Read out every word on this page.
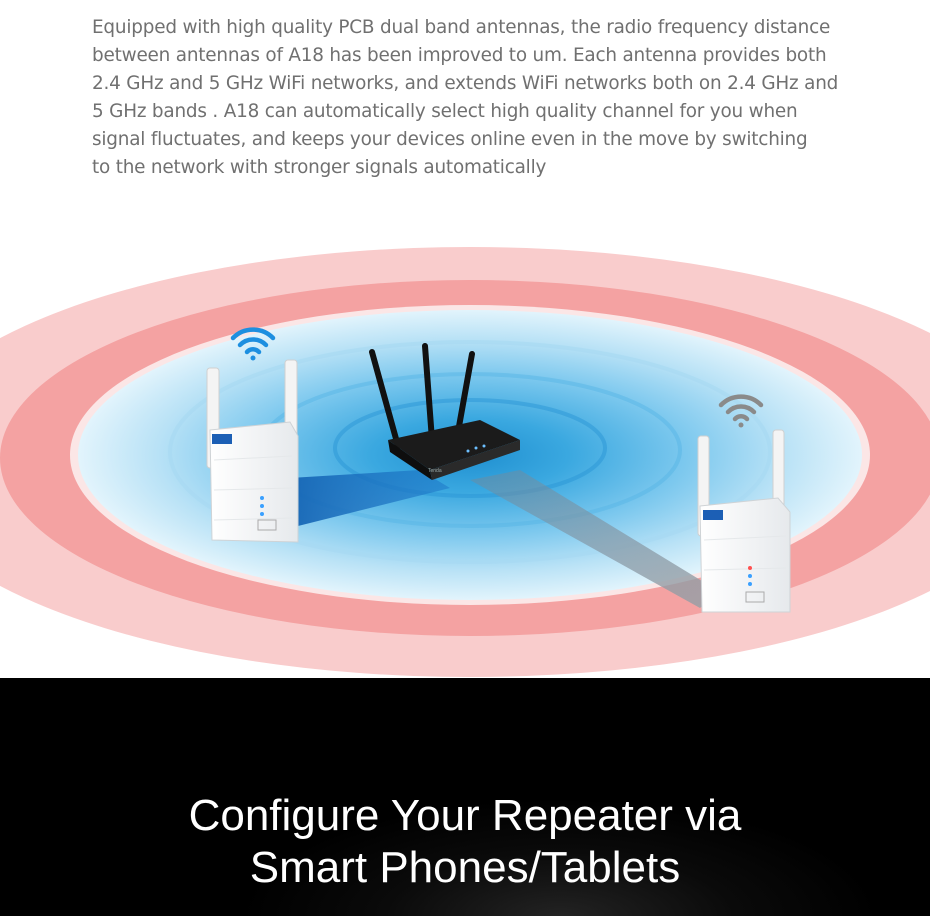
Tenda
Equipped with high quality PCB dual band antennas, the radio frequency distance
between antennas of A18 has been improved to um. Each antenna provides both
2.4 GHz and 5 GHz WiFi networks, and extends WiFi networks both on 2.4 GHz and
5 GHz bands . A18 can automatically select high quality channel for you when
signal fluctuates, and keeps your devices online even in the move by switching
to the network with stronger signals automatically
Configure Your Repeater via
Smart Phones/Tablets
